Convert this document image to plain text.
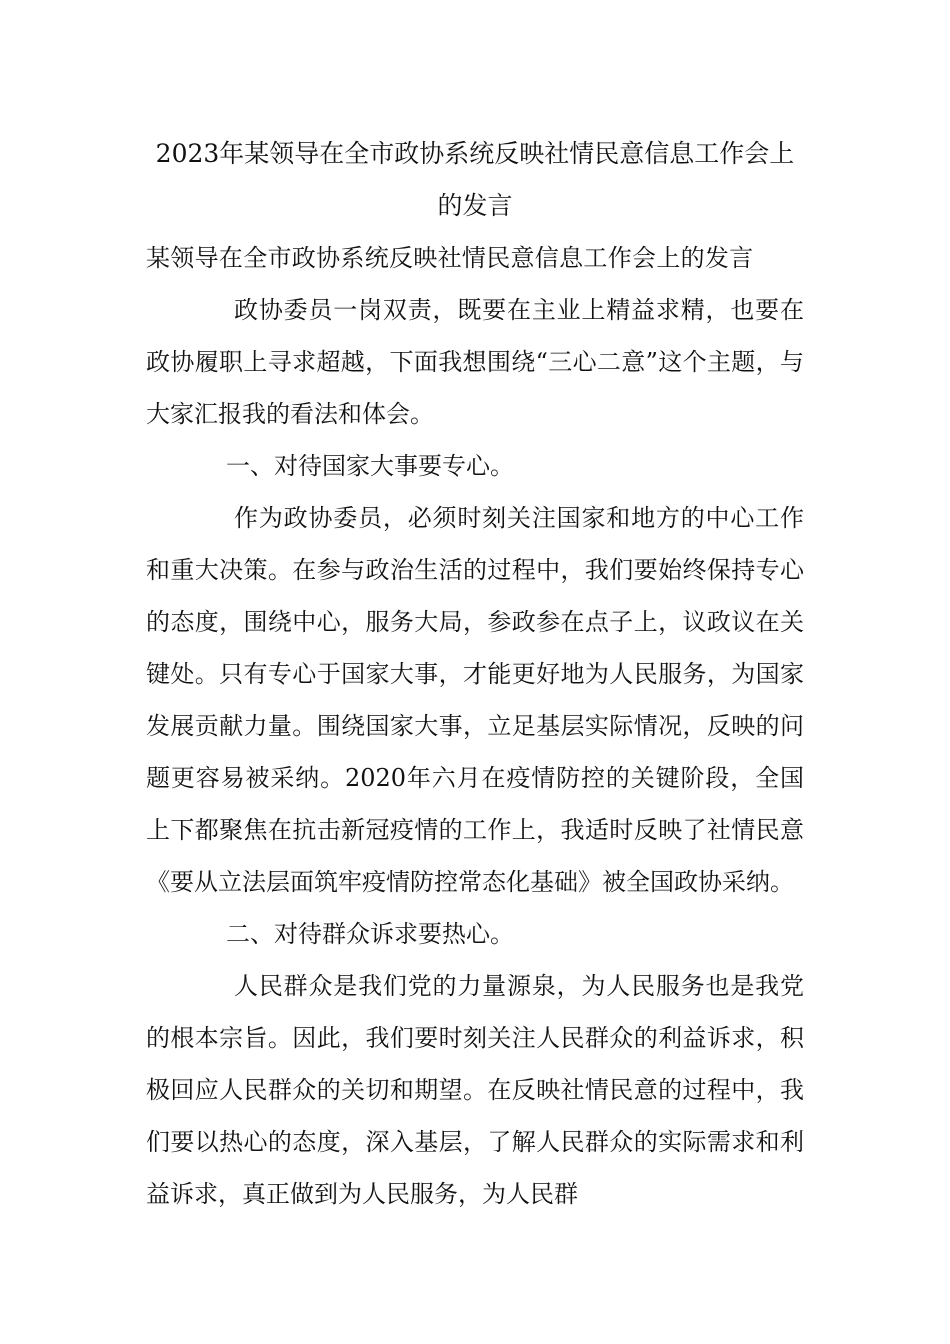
2023年某领导在全市政协系统反映社情民意信息工作会上的发言

某领导在全市政协系统反映社情民意信息工作会上的发言

政协委员一岗双责，既要在主业上精益求精，也要在政协履职上寻求超越，下面我想围绕“三心二意”这个主题，与大家汇报我的看法和体会。

一、对待国家大事要专心。

作为政协委员，必须时刻关注国家和地方的中心工作和重大决策。在参与政治生活的过程中，我们要始终保持专心的态度，围绕中心，服务大局，参政参在点子上，议政议在关键处。只有专心于国家大事，才能更好地为人民服务，为国家发展贡献力量。围绕国家大事，立足基层实际情况，反映的问题更容易被采纳。2020年六月在疫情防控的关键阶段，全国上下都聚焦在抗击新冠疫情的工作上，我适时反映了社情民意《要从立法层面筑牢疫情防控常态化基础》被全国政协采纳。

二、对待群众诉求要热心。

人民群众是我们党的力量源泉，为人民服务也是我党的根本宗旨。因此，我们要时刻关注人民群众的利益诉求，积极回应人民群众的关切和期望。在反映社情民意的过程中，我们要以热心的态度，深入基层，了解人民群众的实际需求和利益诉求，真正做到为人民服务，为人民群
